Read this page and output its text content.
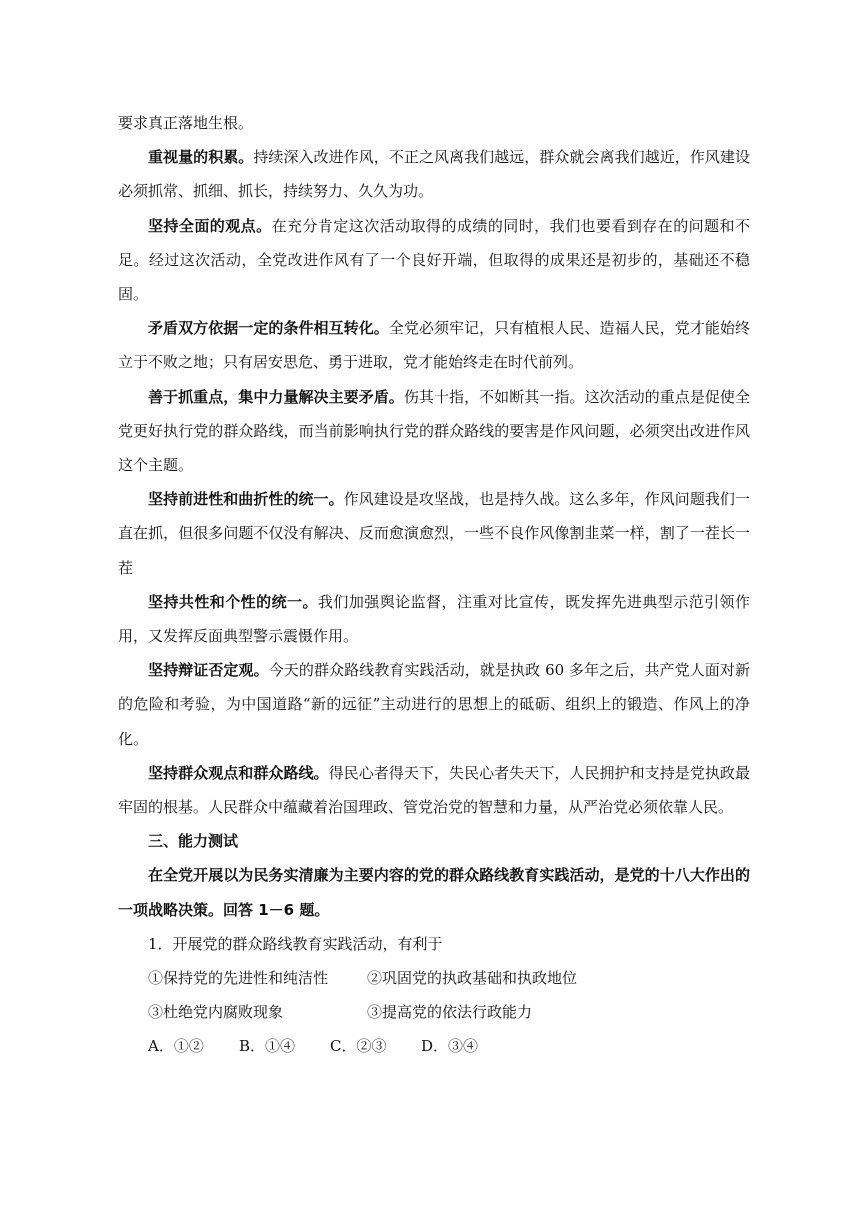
要求真正落地生根。

重视量的积累。持续深入改进作风，不正之风离我们越远，群众就会离我们越近，作风建设必须抓常、抓细、抓长，持续努力、久久为功。

坚持全面的观点。在充分肯定这次活动取得的成绩的同时，我们也要看到存在的问题和不足。经过这次活动，全党改进作风有了一个良好开端，但取得的成果还是初步的，基础还不稳固。

矛盾双方依据一定的条件相互转化。全党必须牢记，只有植根人民、造福人民，党才能始终立于不败之地；只有居安思危、勇于进取，党才能始终走在时代前列。

善于抓重点，集中力量解决主要矛盾。伤其十指，不如断其一指。这次活动的重点是促使全党更好执行党的群众路线，而当前影响执行党的群众路线的要害是作风问题，必须突出改进作风这个主题。

坚持前进性和曲折性的统一。作风建设是攻坚战，也是持久战。这么多年，作风问题我们一直在抓，但很多问题不仅没有解决、反而愈演愈烈，一些不良作风像割韭菜一样，割了一茬长一茬

坚持共性和个性的统一。我们加强舆论监督，注重对比宣传，既发挥先进典型示范引领作用，又发挥反面典型警示震慑作用。

坚持辩证否定观。今天的群众路线教育实践活动，就是执政 60 多年之后，共产党人面对新的危险和考验，为中国道路“新的远征”主动进行的思想上的砥砺、组织上的锻造、作风上的净化。

坚持群众观点和群众路线。得民心者得天下，失民心者失天下，人民拥护和支持是党执政最牢固的根基。人民群众中蕴藏着治国理政、管党治党的智慧和力量，从严治党必须依靠人民。

三、能力测试

在全党开展以为民务实清廉为主要内容的党的群众路线教育实践活动，是党的十八大作出的一项战略决策。回答 1－6 题。

1．开展党的群众路线教育实践活动，有利于

①保持党的先进性和纯洁性	②巩固党的执政基础和执政地位
③杜绝党内腐败现象	③提高党的依法行政能力
A．①②	B．①④	C．②③	D．③④
